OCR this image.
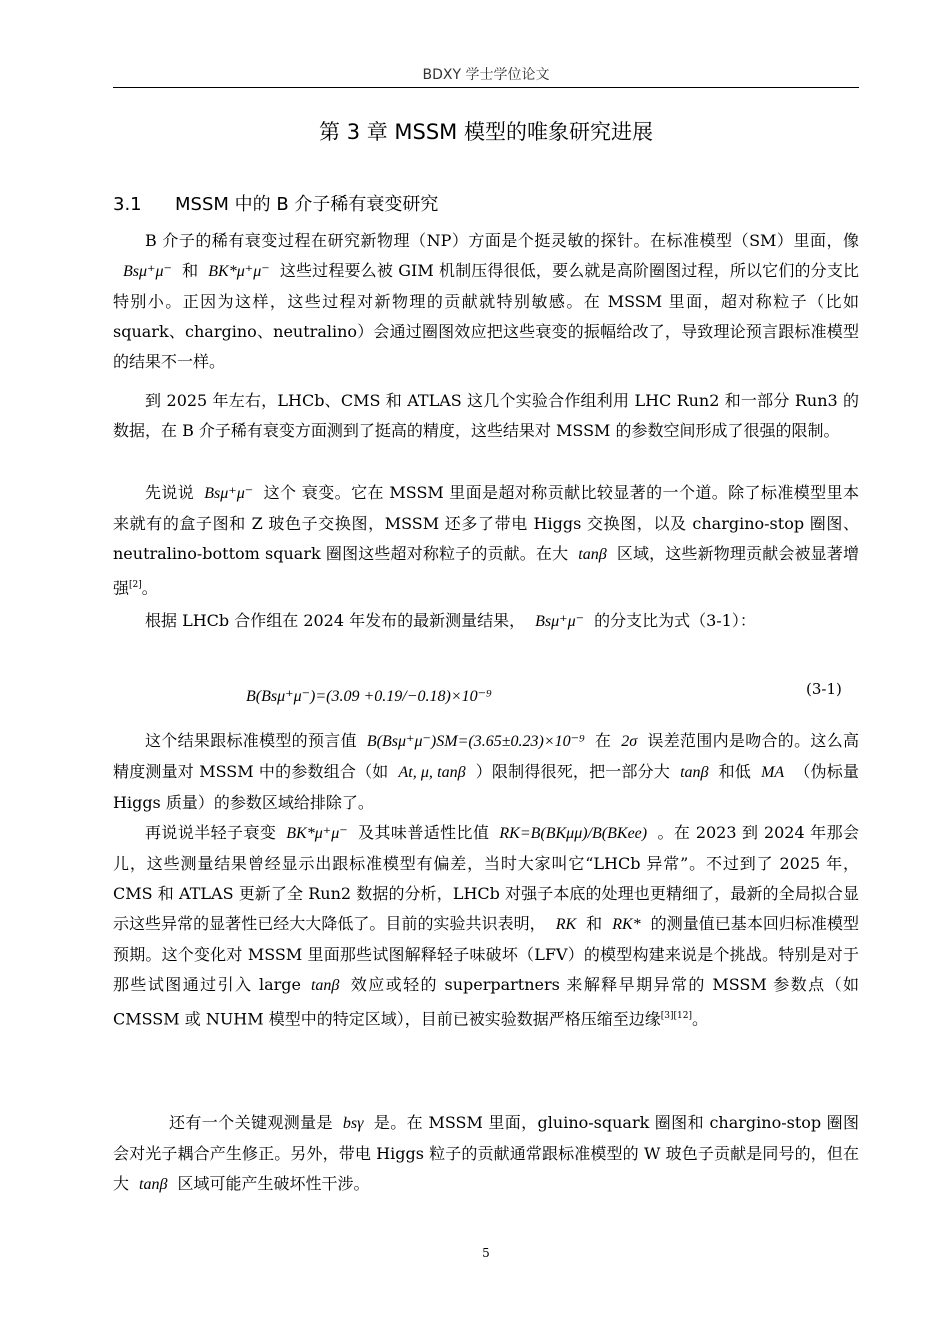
BDXY 学士学位论文
第 3 章 MSSM 模型的唯象研究进展
3.1 MSSM 中的 B 介子稀有衰变研究
B 介子的稀有衰变过程在研究新物理（NP）方面是个挺灵敏的探针。在标准模型（SM）里面，像Bsμ⁺μ⁻ 和 BK*μ⁺μ⁻ 这些过程要么被 GIM 机制压得很低，要么就是高阶圈图过程，所以它们的分支比特别小。正因为这样，这些过程对新物理的贡献就特别敏感。在 MSSM 里面，超对称粒子（比如 squark、chargino、neutralino）会通过圈图效应把这些衰变的振幅给改了，导致理论预言跟标准模型的结果不一样。
到 2025 年左右，LHCb、CMS 和 ATLAS 这几个实验合作组利用 LHC Run2 和一部分 Run3 的数据，在 B 介子稀有衰变方面测到了挺高的精度，这些结果对 MSSM 的参数空间形成了很强的限制。
先说说 Bsμ⁺μ⁻ 这个 衰变。它在 MSSM 里面是超对称贡献比较显著的一个道。除了标准模型里本来就有的盒子图和 Z 玻色子交换图，MSSM 还多了带电 Higgs 交换图，以及 chargino-stop 圈图、neutralino-bottom squark 圈图这些超对称粒子的贡献。在大 tanβ 区域，这些新物理贡献会被显著增强[2]。
根据 LHCb 合作组在 2024 年发布的最新测量结果， Bsμ⁺μ⁻ 的分支比为式（3-1）：
B(Bsμ⁺μ⁻)=(3.09 +0.19/−0.18)×10⁻⁹	(3-1)
这个结果跟标准模型的预言值 B(Bsμ⁺μ⁻)SM=(3.65±0.23)×10⁻⁹ 在 2σ 误差范围内是吻合的。这么高精度测量对 MSSM 中的参数组合（如 At, μ, tanβ ）限制得很死，把一部分大 tanβ 和低 MA （伪标量 Higgs 质量）的参数区域给排除了。
再说说半轻子衰变 BK*μ⁺μ⁻ 及其味普适性比值 RK=B(BKμμ)/B(BKee) 。在 2023 到 2024 年那会儿，这些测量结果曾经显示出跟标准模型有偏差，当时大家叫它“LHCb 异常”。不过到了 2025 年，CMS 和 ATLAS 更新了全 Run2 数据的分析，LHCb 对强子本底的处理也更精细了，最新的全局拟合显示这些异常的显著性已经大大降低了。目前的实验共识表明， RK 和 RK* 的测量值已基本回归标准模型预期。这个变化对 MSSM 里面那些试图解释轻子味破坏（LFV）的模型构建来说是个挑战。特别是对于那些试图通过引入 large tanβ 效应或轻的 superpartners 来解释早期异常的 MSSM 参数点（如 CMSSM 或 NUHM 模型中的特定区域），目前已被实验数据严格压缩至边缘[3][12]。
还有一个关键观测量是 bsγ 是。在 MSSM 里面，gluino-squark 圈图和 chargino-stop 圈图会对光子耦合产生修正。另外，带电 Higgs 粒子的贡献通常跟标准模型的 W 玻色子贡献是同号的，但在大 tanβ 区域可能产生破坏性干涉。
5
